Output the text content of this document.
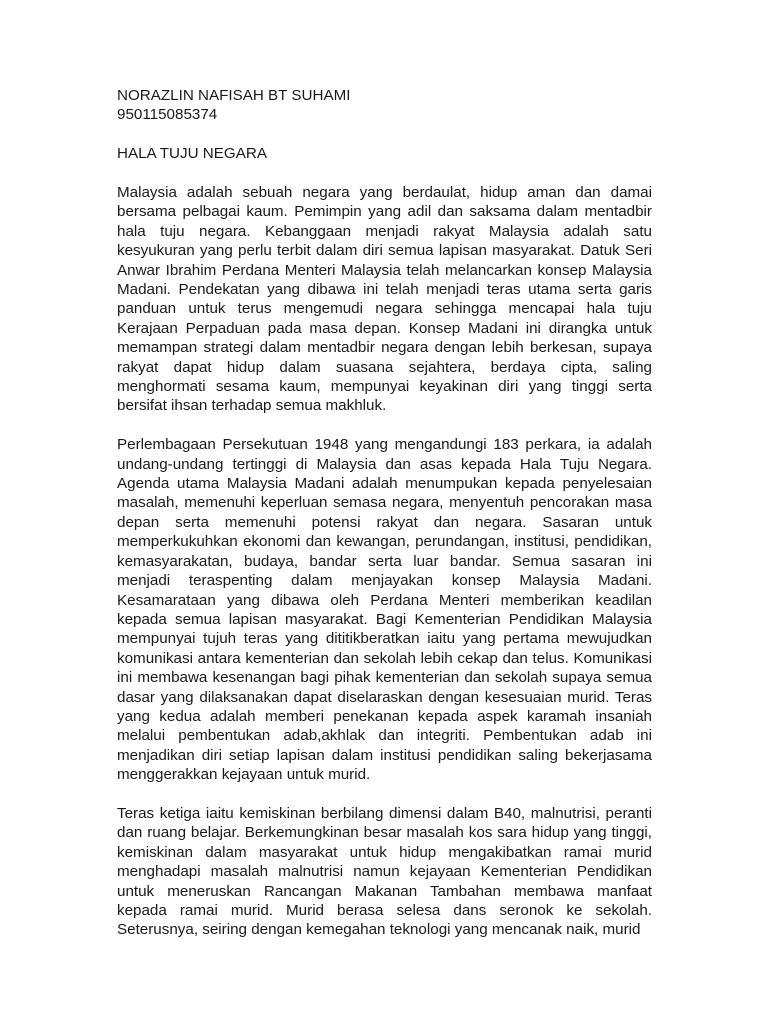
NORAZLIN NAFISAH BT SUHAMI
950115085374
HALA TUJU NEGARA

Malaysia adalah sebuah negara yang berdaulat, hidup aman dan damai bersama pelbagai kaum. Pemimpin yang adil dan saksama dalam mentadbir hala tuju negara. Kebanggaan menjadi rakyat Malaysia adalah satu kesyukuran yang perlu terbit dalam diri semua lapisan masyarakat. Datuk Seri Anwar Ibrahim Perdana Menteri Malaysia telah melancarkan konsep Malaysia Madani. Pendekatan yang dibawa ini telah menjadi teras utama serta garis panduan untuk terus mengemudi negara sehingga mencapai hala tuju Kerajaan Perpaduan pada masa depan. Konsep Madani ini dirangka untuk memampan strategi dalam mentadbir negara dengan lebih berkesan, supaya rakyat dapat hidup dalam suasana sejahtera, berdaya cipta, saling menghormati sesama kaum, mempunyai keyakinan diri yang tinggi serta bersifat ihsan terhadap semua makhluk.

Perlembagaan Persekutuan 1948 yang mengandungi 183 perkara, ia adalah undang-undang tertinggi di Malaysia dan asas kepada Hala Tuju Negara. Agenda utama Malaysia Madani adalah menumpukan kepada penyelesaian masalah, memenuhi keperluan semasa negara, menyentuh pencorakan masa depan serta memenuhi potensi rakyat dan negara. Sasaran untuk memperkukuhkan ekonomi dan kewangan, perundangan, institusi, pendidikan, kemasyarakatan, budaya, bandar serta luar bandar. Semua sasaran ini menjadi teraspenting dalam menjayakan konsep Malaysia Madani. Kesamarataan yang dibawa oleh Perdana Menteri memberikan keadilan kepada semua lapisan masyarakat. Bagi Kementerian Pendidikan Malaysia mempunyai tujuh teras yang dititikberatkan iaitu yang pertama mewujudkan komunikasi antara kementerian dan sekolah lebih cekap dan telus. Komunikasi ini membawa kesenangan bagi pihak kementerian dan sekolah supaya semua dasar yang dilaksanakan dapat diselaraskan dengan kesesuaian murid. Teras yang kedua adalah memberi penekanan kepada aspek karamah insaniah melalui pembentukan adab,akhlak dan integriti. Pembentukan adab ini menjadikan diri setiap lapisan dalam institusi pendidikan saling bekerjasama menggerakkan kejayaan untuk murid.

Teras ketiga iaitu kemiskinan berbilang dimensi dalam B40, malnutrisi, peranti dan ruang belajar. Berkemungkinan besar masalah kos sara hidup yang tinggi, kemiskinan dalam masyarakat untuk hidup mengakibatkan ramai murid menghadapi masalah malnutrisi namun kejayaan Kementerian Pendidikan untuk meneruskan Rancangan Makanan Tambahan membawa manfaat kepada ramai murid. Murid berasa selesa dans seronok ke sekolah. Seterusnya, seiring dengan kemegahan teknologi yang mencanak naik, murid
